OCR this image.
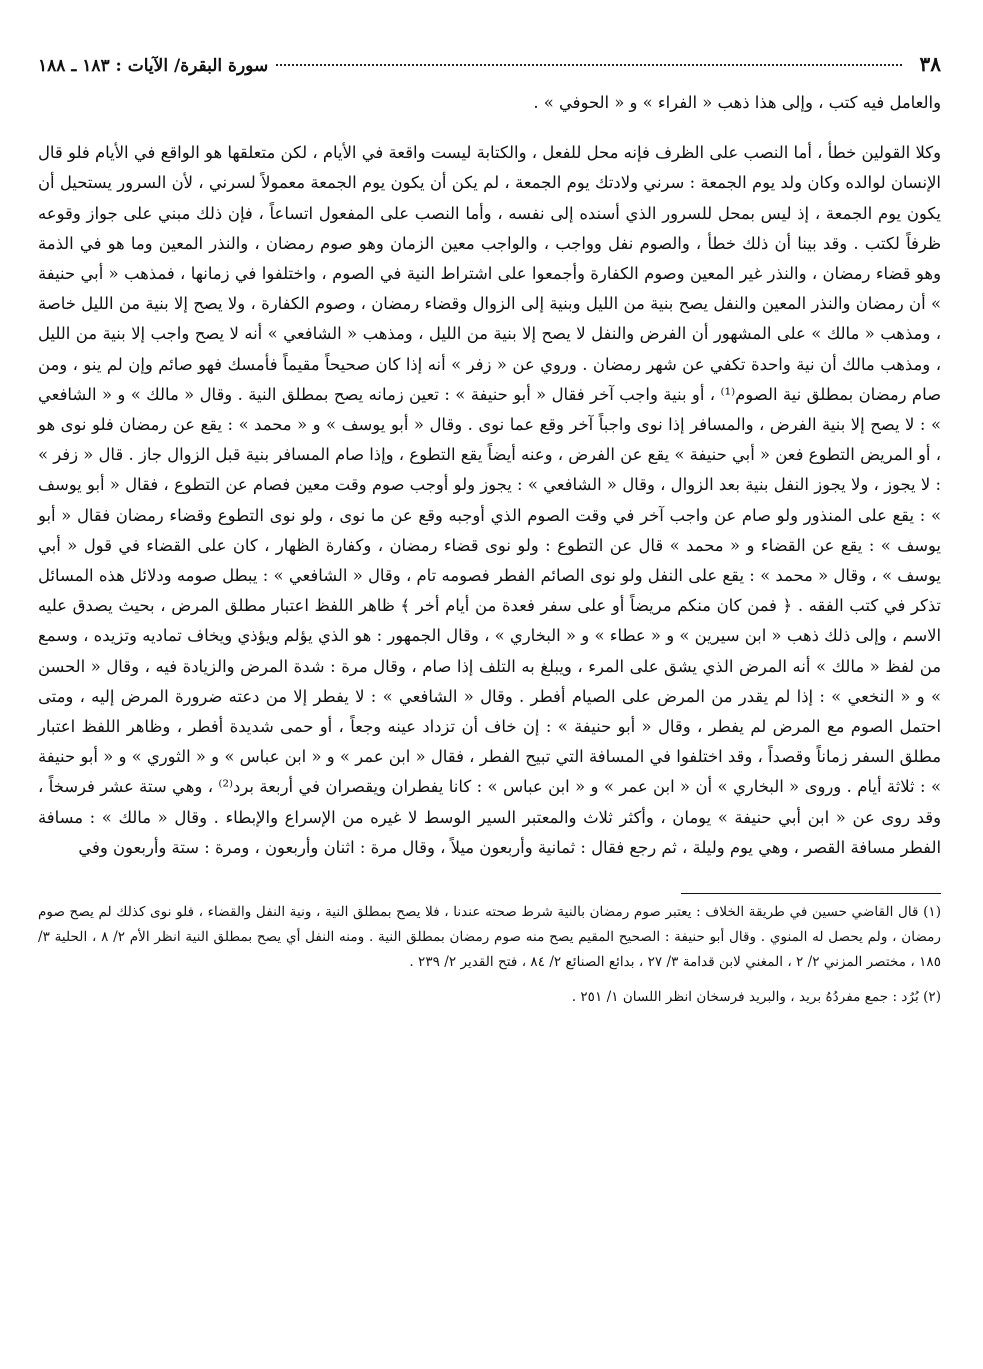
٣٨
سورة البقرة/ الآيات : ١٨٣ ـ ١٨٨

والعامل فيه كتب ، وإلى هذا ذهب « الفراء » و « الحوفي » .

وكلا القولين خطأ ، أما النصب على الظرف فإنه محل للفعل ، والكتابة ليست واقعة في الأيام ، لكن متعلقها هو الواقع في الأيام فلو قال الإنسان لوالده وكان ولد يوم الجمعة : سرني ولادتك يوم الجمعة ، لم يكن أن يكون يوم الجمعة معمولاً لسرني ، لأن السرور يستحيل أن يكون يوم الجمعة ، إذ ليس بمحل للسرور الذي أسنده إلى نفسه ، وأما النصب على المفعول اتساعاً ، فإن ذلك مبني على جواز وقوعه ظرفاً لكتب . وقد بينا أن ذلك خطأ ، والصوم نفل وواجب ، والواجب معين الزمان وهو صوم رمضان ، والنذر المعين وما هو في الذمة وهو قضاء رمضان ، والنذر غير المعين وصوم الكفارة وأجمعوا على اشتراط النية في الصوم ، واختلفوا في زمانها ، فمذهب « أبي حنيفة » أن رمضان والنذر المعين والنفل يصح بنية من الليل وبنية إلى الزوال وقضاء رمضان ، وصوم الكفارة ، ولا يصح إلا بنية من الليل خاصة ، ومذهب « مالك » على المشهور أن الفرض والنفل لا يصح إلا بنية من الليل ، ومذهب « الشافعي » أنه لا يصح واجب إلا بنية من الليل ، ومذهب مالك أن نية واحدة تكفي عن شهر رمضان . وروي عن « زفر » أنه إذا كان صحيحاً مقيماً فأمسك فهو صائم وإن لم ينو ، ومن صام رمضان بمطلق نية الصوم⁽¹⁾ ، أو بنية واجب آخر فقال « أبو حنيفة » : تعين زمانه يصح بمطلق النية . وقال « مالك » و « الشافعي » : لا يصح إلا بنية الفرض ، والمسافر إذا نوى واجباً آخر وقع عما نوى . وقال « أبو يوسف » و « محمد » : يقع عن رمضان فلو نوى هو ، أو المريض التطوع فعن « أبي حنيفة » يقع عن الفرض ، وعنه أيضاً يقع التطوع ، وإذا صام المسافر بنية قبل الزوال جاز . قال « زفر » : لا يجوز ، ولا يجوز النفل بنية بعد الزوال ، وقال « الشافعي » : يجوز ولو أوجب صوم وقت معين فصام عن التطوع ، فقال « أبو يوسف » : يقع على المنذور ولو صام عن واجب آخر في وقت الصوم الذي أوجبه وقع عن ما نوى ، ولو نوى التطوع وقضاء رمضان فقال « أبو يوسف » : يقع عن القضاء و « محمد » قال عن التطوع : ولو نوى قضاء رمضان ، وكفارة الظهار ، كان على القضاء في قول « أبي يوسف » ، وقال « محمد » : يقع على النفل ولو نوى الصائم الفطر فصومه تام ، وقال « الشافعي » : يبطل صومه ودلائل هذه المسائل تذكر في كتب الفقه . ﴿ فمن كان منكم مريضاً أو على سفر فعدة من أيام أخر ﴾ ظاهر اللفظ اعتبار مطلق المرض ، بحيث يصدق عليه الاسم ، وإلى ذلك ذهب « ابن سيرين » و « عطاء » و « البخاري » ، وقال الجمهور : هو الذي يؤلم ويؤذي ويخاف تماديه وتزيده ، وسمع من لفظ « مالك » أنه المرض الذي يشق على المرء ، ويبلغ به التلف إذا صام ، وقال مرة : شدة المرض والزيادة فيه ، وقال « الحسن » و « النخعي » : إذا لم يقدر من المرض على الصيام أفطر . وقال « الشافعي » : لا يفطر إلا من دعته ضرورة المرض إليه ، ومتى احتمل الصوم مع المرض لم يفطر ، وقال « أبو حنيفة » : إن خاف أن تزداد عينه وجعاً ، أو حمى شديدة أفطر ، وظاهر اللفظ اعتبار مطلق السفر زماناً وقصداً ، وقد اختلفوا في المسافة التي تبيح الفطر ، فقال « ابن عمر » و « ابن عباس » و « الثوري » و « أبو حنيفة » : ثلاثة أيام . وروى « البخاري » أن « ابن عمر » و « ابن عباس » : كانا يفطران ويقصران في أربعة برد⁽²⁾ ، وهي ستة عشر فرسخاً ، وقد روى عن « ابن أبي حنيفة » يومان ، وأكثر ثلاث والمعتبر السير الوسط لا غيره من الإسراع والإبطاء . وقال « مالك » : مسافة الفطر مسافة القصر ، وهي يوم وليلة ، ثم رجع فقال : ثمانية وأربعون ميلاً ، وقال مرة : اثنان وأربعون ، ومرة : ستة وأربعون وفي

(١) قال القاضي حسين في طريقة الخلاف : يعتبر صوم رمضان بالنية شرط صحته عندنا ، فلا يصح بمطلق النية ، ونية النفل والقضاء ، فلو نوى كذلك لم يصح صوم رمضان ، ولم يحصل له المنوي . وقال أبو حنيفة : الصحيح المقيم يصح منه صوم رمضان بمطلق النية . ومنه النفل أي يصح بمطلق النية انظر الأم ٢/ ٨ ، الحلية ٣/ ١٨٥ ، مختصر المزني ٢/ ٢ ، المغني لابن قدامة ٣/ ٢٧ ، بدائع الصنائع ٢/ ٨٤ ، فتح القدير ٢/ ٢٣٩ .

(٢) بُرُد : جمع مفردُهُ بريد ، والبريد فرسخان انظر اللسان ١/ ٢٥١ .
